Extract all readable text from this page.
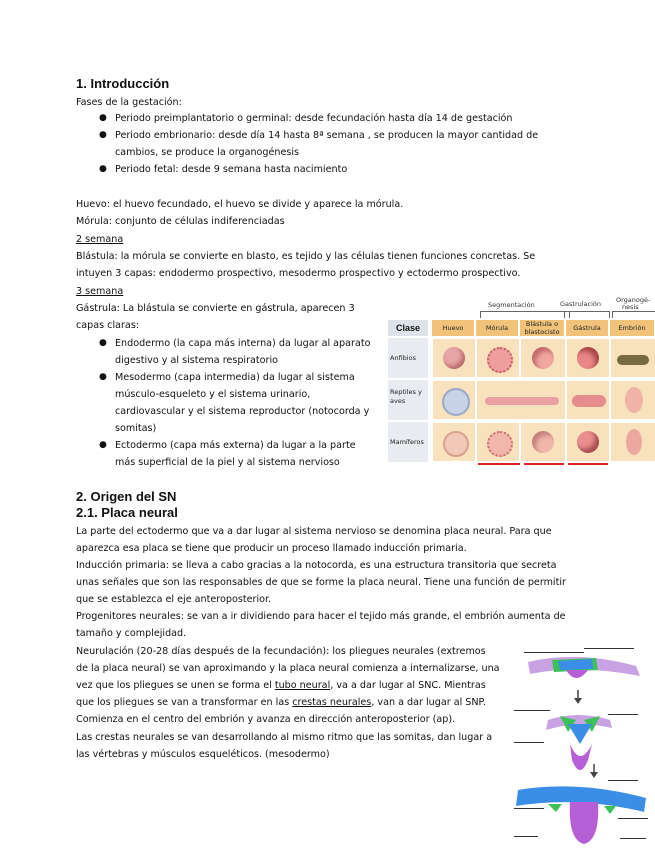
1. Introducción
Fases de la gestación:
● Periodo preimplantatorio o germinal: desde fecundación hasta día 14 de gestación
● Periodo embrionario: desde día 14 hasta 8ª semana , se producen la mayor cantidad de
cambios, se produce la organogénesis
● Periodo fetal: desde 9 semana hasta nacimiento
Huevo: el huevo fecundado, el huevo se divide y aparece la mórula.
Mórula: conjunto de células indiferenciadas
2 semana
Blástula: la mórula se convierte en blasto, es tejido y las células tienen funciones concretas. Se
intuyen 3 capas: endodermo prospectivo, mesodermo prospectivo y ectodermo prospectivo.
3 semana
Gástrula: La blástula se convierte en gástrula, aparecen 3
capas claras:
● Endodermo (la capa más interna) da lugar al aparato
digestivo y al sistema respiratorio
● Mesodermo (capa intermedia) da lugar al sistema
músculo-esqueleto y el sistema urinario,
cardiovascular y el sistema reproductor (notocorda y
somitas)
● Ectodermo (capa más externa) da lugar a la parte
más superficial de la piel y al sistema nervioso
Segmentación	Gastrulación Organogé-
nesis
Clase	Huevo	Mórula	Blástula o
blastocisto	Gástrula	Embrión
Anfibios
Reptiles y
aves
Mamíferos
2. Origen del SN
2.1. Placa neural
La parte del ectodermo que va a dar lugar al sistema nervioso se denomina placa neural. Para que
aparezca esa placa se tiene que producir un proceso llamado inducción primaria.
Inducción primaria: se lleva a cabo gracias a la notocorda, es una estructura transitoria que secreta
unas señales que son las responsables de que se forme la placa neural. Tiene una función de permitir
que se establezca el eje anteroposterior.
Progenitores neurales: se van a ir dividiendo para hacer el tejido más grande, el embrión aumenta de
tamaño y complejidad.
Neurulación (20-28 días después de la fecundación): los pliegues neurales (extremos
de la placa neural) se van aproximando y la placa neural comienza a internalizarse, una
vez que los pliegues se unen se forma el tubo neural, va a dar lugar al SNC. Mientras
que los pliegues se van a transformar en las crestas neurales, van a dar lugar al SNP.
Comienza en el centro del embrión y avanza en dirección anteroposterior (ap).
Las crestas neurales se van desarrollando al mismo ritmo que las somitas, dan lugar a
las vértebras y músculos esqueléticos. (mesodermo)
